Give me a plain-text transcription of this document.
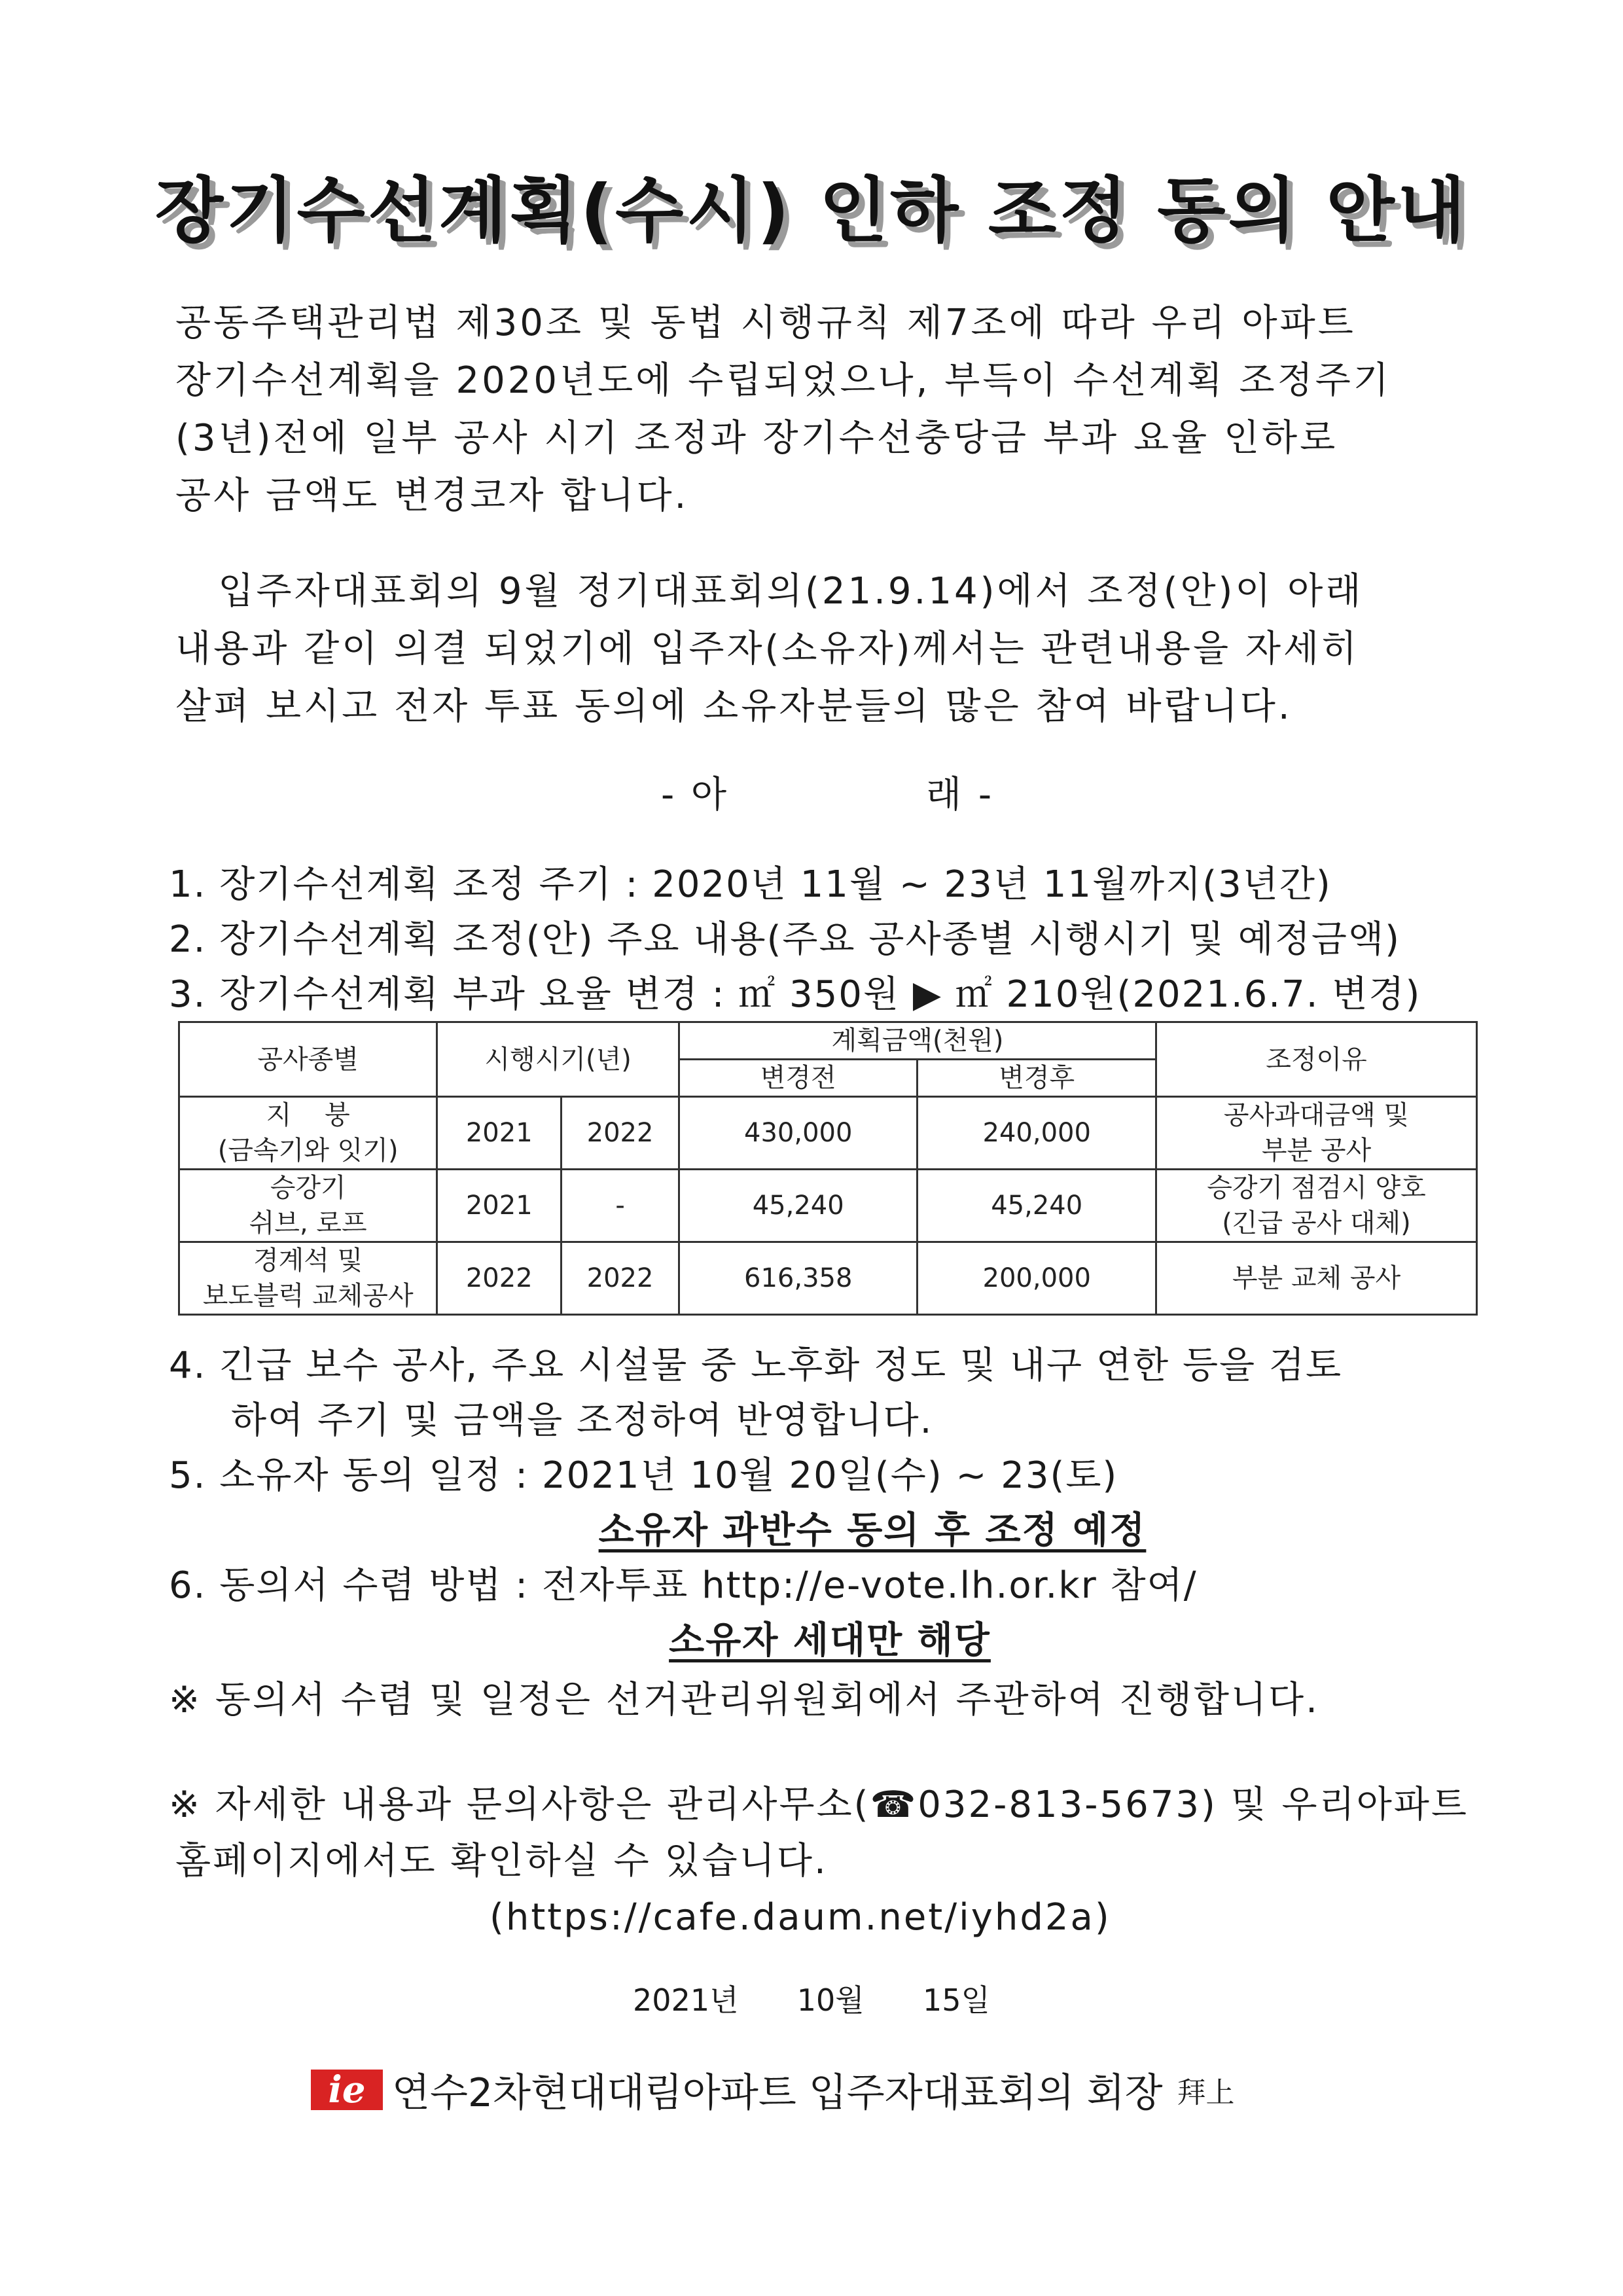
장기수선계획(수시) 인하 조정 동의 안내
공동주택관리법 제30조 및 동법 시행규칙 제7조에 따라 우리 아파트
장기수선계획을 2020년도에 수립되었으나, 부득이 수선계획 조정주기
(3년)전에 일부 공사 시기 조정과 장기수선충당금 부과 요율 인하로
공사 금액도 변경코자 합니다.
입주자대표회의 9월 정기대표회의(21.9.14)에서 조정(안)이 아래
내용과 같이 의결 되었기에 입주자(소유자)께서는 관련내용을 자세히
살펴 보시고 전자 투표 동의에 소유자분들의 많은 참여 바랍니다.
- 아	래 -
1. 장기수선계획 조정 주기 : 2020년 11월 ~ 23년 11월까지(3년간)
2. 장기수선계획 조정(안) 주요 내용(주요 공사종별 시행시기 및 예정금액)
3. 장기수선계획 부과 요율 변경 : ㎡ 350원 ▶ ㎡ 210원(2021.6.7. 변경)
공사종별	시행시기(년)		계획금액(천원)		조정이유
			변경전	변경후	
지    붕
(금속기와 잇기)	2021	2022	430,000	240,000	공사과대금액 및
부분 공사
승강기
쉬브, 로프	2021	-	45,240	45,240	승강기 점검시 양호
(긴급 공사 대체)
경계석 및
보도블럭 교체공사	2022	2022	616,358	200,000	부분 교체 공사
4. 긴급 보수 공사, 주요 시설물 중 노후화 정도 및 내구 연한 등을 검토
하여 주기 및 금액을 조정하여 반영합니다.
5. 소유자 동의 일정 : 2021년 10월 20일(수) ~ 23(토)
소유자 과반수 동의 후 조정 예정
6. 동의서 수렴 방법 : 전자투표 http://e-vote.lh.or.kr 참여/
소유자 세대만 해당
※ 동의서 수렴 및 일정은 선거관리위원회에서 주관하여 진행합니다.
※ 자세한 내용과 문의사항은 관리사무소(☎032-813-5673) 및 우리아파트
홈페이지에서도 확인하실 수 있습니다.
(https://cafe.daum.net/iyhd2a)
2021년  10월  15일
ie 연수2차현대대림아파트 입주자대표회의 회장 拜上
